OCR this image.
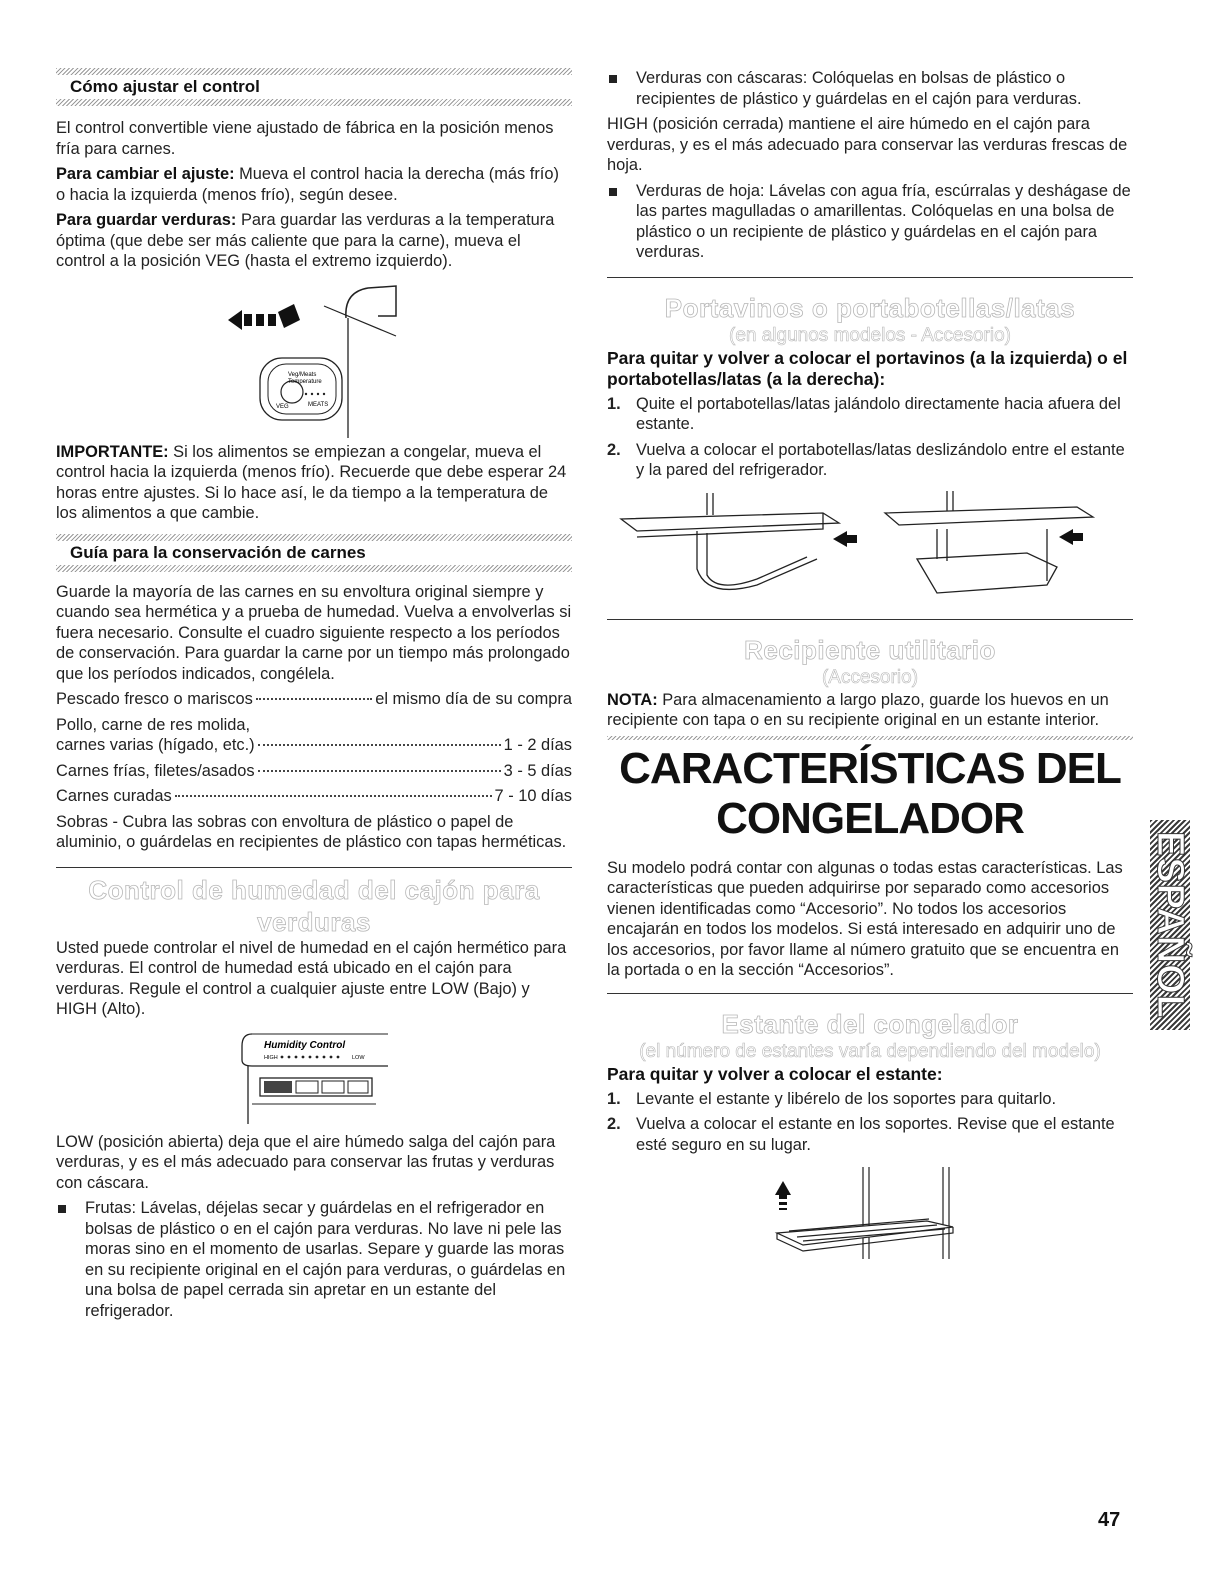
Cómo ajustar el control

El control convertible viene ajustado de fábrica en la posición menos fría para carnes.

Para cambiar el ajuste: Mueva el control hacia la derecha (más frío) o hacia la izquierda (menos frío), según desee.

Para guardar verduras: Para guardar las verduras a la temperatura óptima (que debe ser más caliente que para la carne), mueva el control a la posición VEG (hasta el extremo izquierdo).

Veg/Meats
Temperature
VEG	MEATS

IMPORTANTE: Si los alimentos se empiezan a congelar, mueva el control hacia la izquierda (menos frío). Recuerde que debe esperar 24 horas entre ajustes. Si lo hace así, le da tiempo a la temperatura de los alimentos a que cambie.

Guía para la conservación de carnes

Guarde la mayoría de las carnes en su envoltura original siempre y cuando sea hermética y a prueba de humedad. Vuelva a envolverlas si fuera necesario. Consulte el cuadro siguiente respecto a los períodos de conservación. Para guardar la carne por un tiempo más prolongado que los períodos indicados, congélela.

Pescado fresco o mariscos	el mismo día de su compra

Pollo, carne de res molida,

carnes varias (hígado, etc.)	1 - 2 días
Carnes frías, filetes/asados	3 - 5 días
Carnes curadas	7 - 10 días

Sobras - Cubra las sobras con envoltura de plástico o papel de aluminio, o guárdelas en recipientes de plástico con tapas herméticas.

Control de humedad del cajón para
verduras

Usted puede controlar el nivel de humedad en el cajón hermético para verduras. El control de humedad está ubicado en el cajón para verduras. Regule el control a cualquier ajuste entre LOW (Bajo) y HIGH (Alto).

Humidity Control
HIGH	LOW

LOW (posición abierta) deja que el aire húmedo salga del cajón para verduras, y es el más adecuado para conservar las frutas y verduras con cáscara.

Frutas: Lávelas, déjelas secar y guárdelas en el refrigerador en bolsas de plástico o en el cajón para verduras. No lave ni pele las moras sino en el momento de usarlas. Separe y guarde las moras en su recipiente original en el cajón para verduras, o guárdelas en una bolsa de papel cerrada sin apretar en un estante del refrigerador.

Verduras con cáscaras: Colóquelas en bolsas de plástico o recipientes de plástico y guárdelas en el cajón para verduras.

HIGH (posición cerrada) mantiene el aire húmedo en el cajón para verduras, y es el más adecuado para conservar las verduras frescas de hoja.

Verduras de hoja: Lávelas con agua fría, escúrralas y deshágase de las partes magulladas o amarillentas. Colóquelas en una bolsa de plástico o un recipiente de plástico y guárdelas en el cajón para verduras.

Portavinos o portabotellas/latas

(en algunos modelos - Accesorio)

Para quitar y volver a colocar el portavinos (a la izquierda) o el portabotellas/latas (a la derecha):

1. Quite el portabotellas/latas jalándolo directamente hacia afuera del estante.

2. Vuelva a colocar el portabotellas/latas deslizándolo entre el estante y la pared del refrigerador.

Recipiente utilitario

(Accesorio)

NOTA: Para almacenamiento a largo plazo, guarde los huevos en un recipiente con tapa o en su recipiente original en un estante interior.

CARACTERÍSTICAS DEL
CONGELADOR

Su modelo podrá contar con algunas o todas estas características. Las características que pueden adquirirse por separado como accesorios vienen identificadas como “Accesorio”. No todos los accesorios encajarán en todos los modelos. Si está interesado en adquirir uno de los accesorios, por favor llame al número gratuito que se encuentra en la portada o en la sección “Accesorios”.

Estante del congelador

(el número de estantes varía dependiendo del modelo)

Para quitar y volver a colocar el estante:

1. Levante el estante y libérelo de los soportes para quitarlo.

2. Vuelva a colocar el estante en los soportes. Revise que el estante esté seguro en su lugar.

ESPAÑOL
47
